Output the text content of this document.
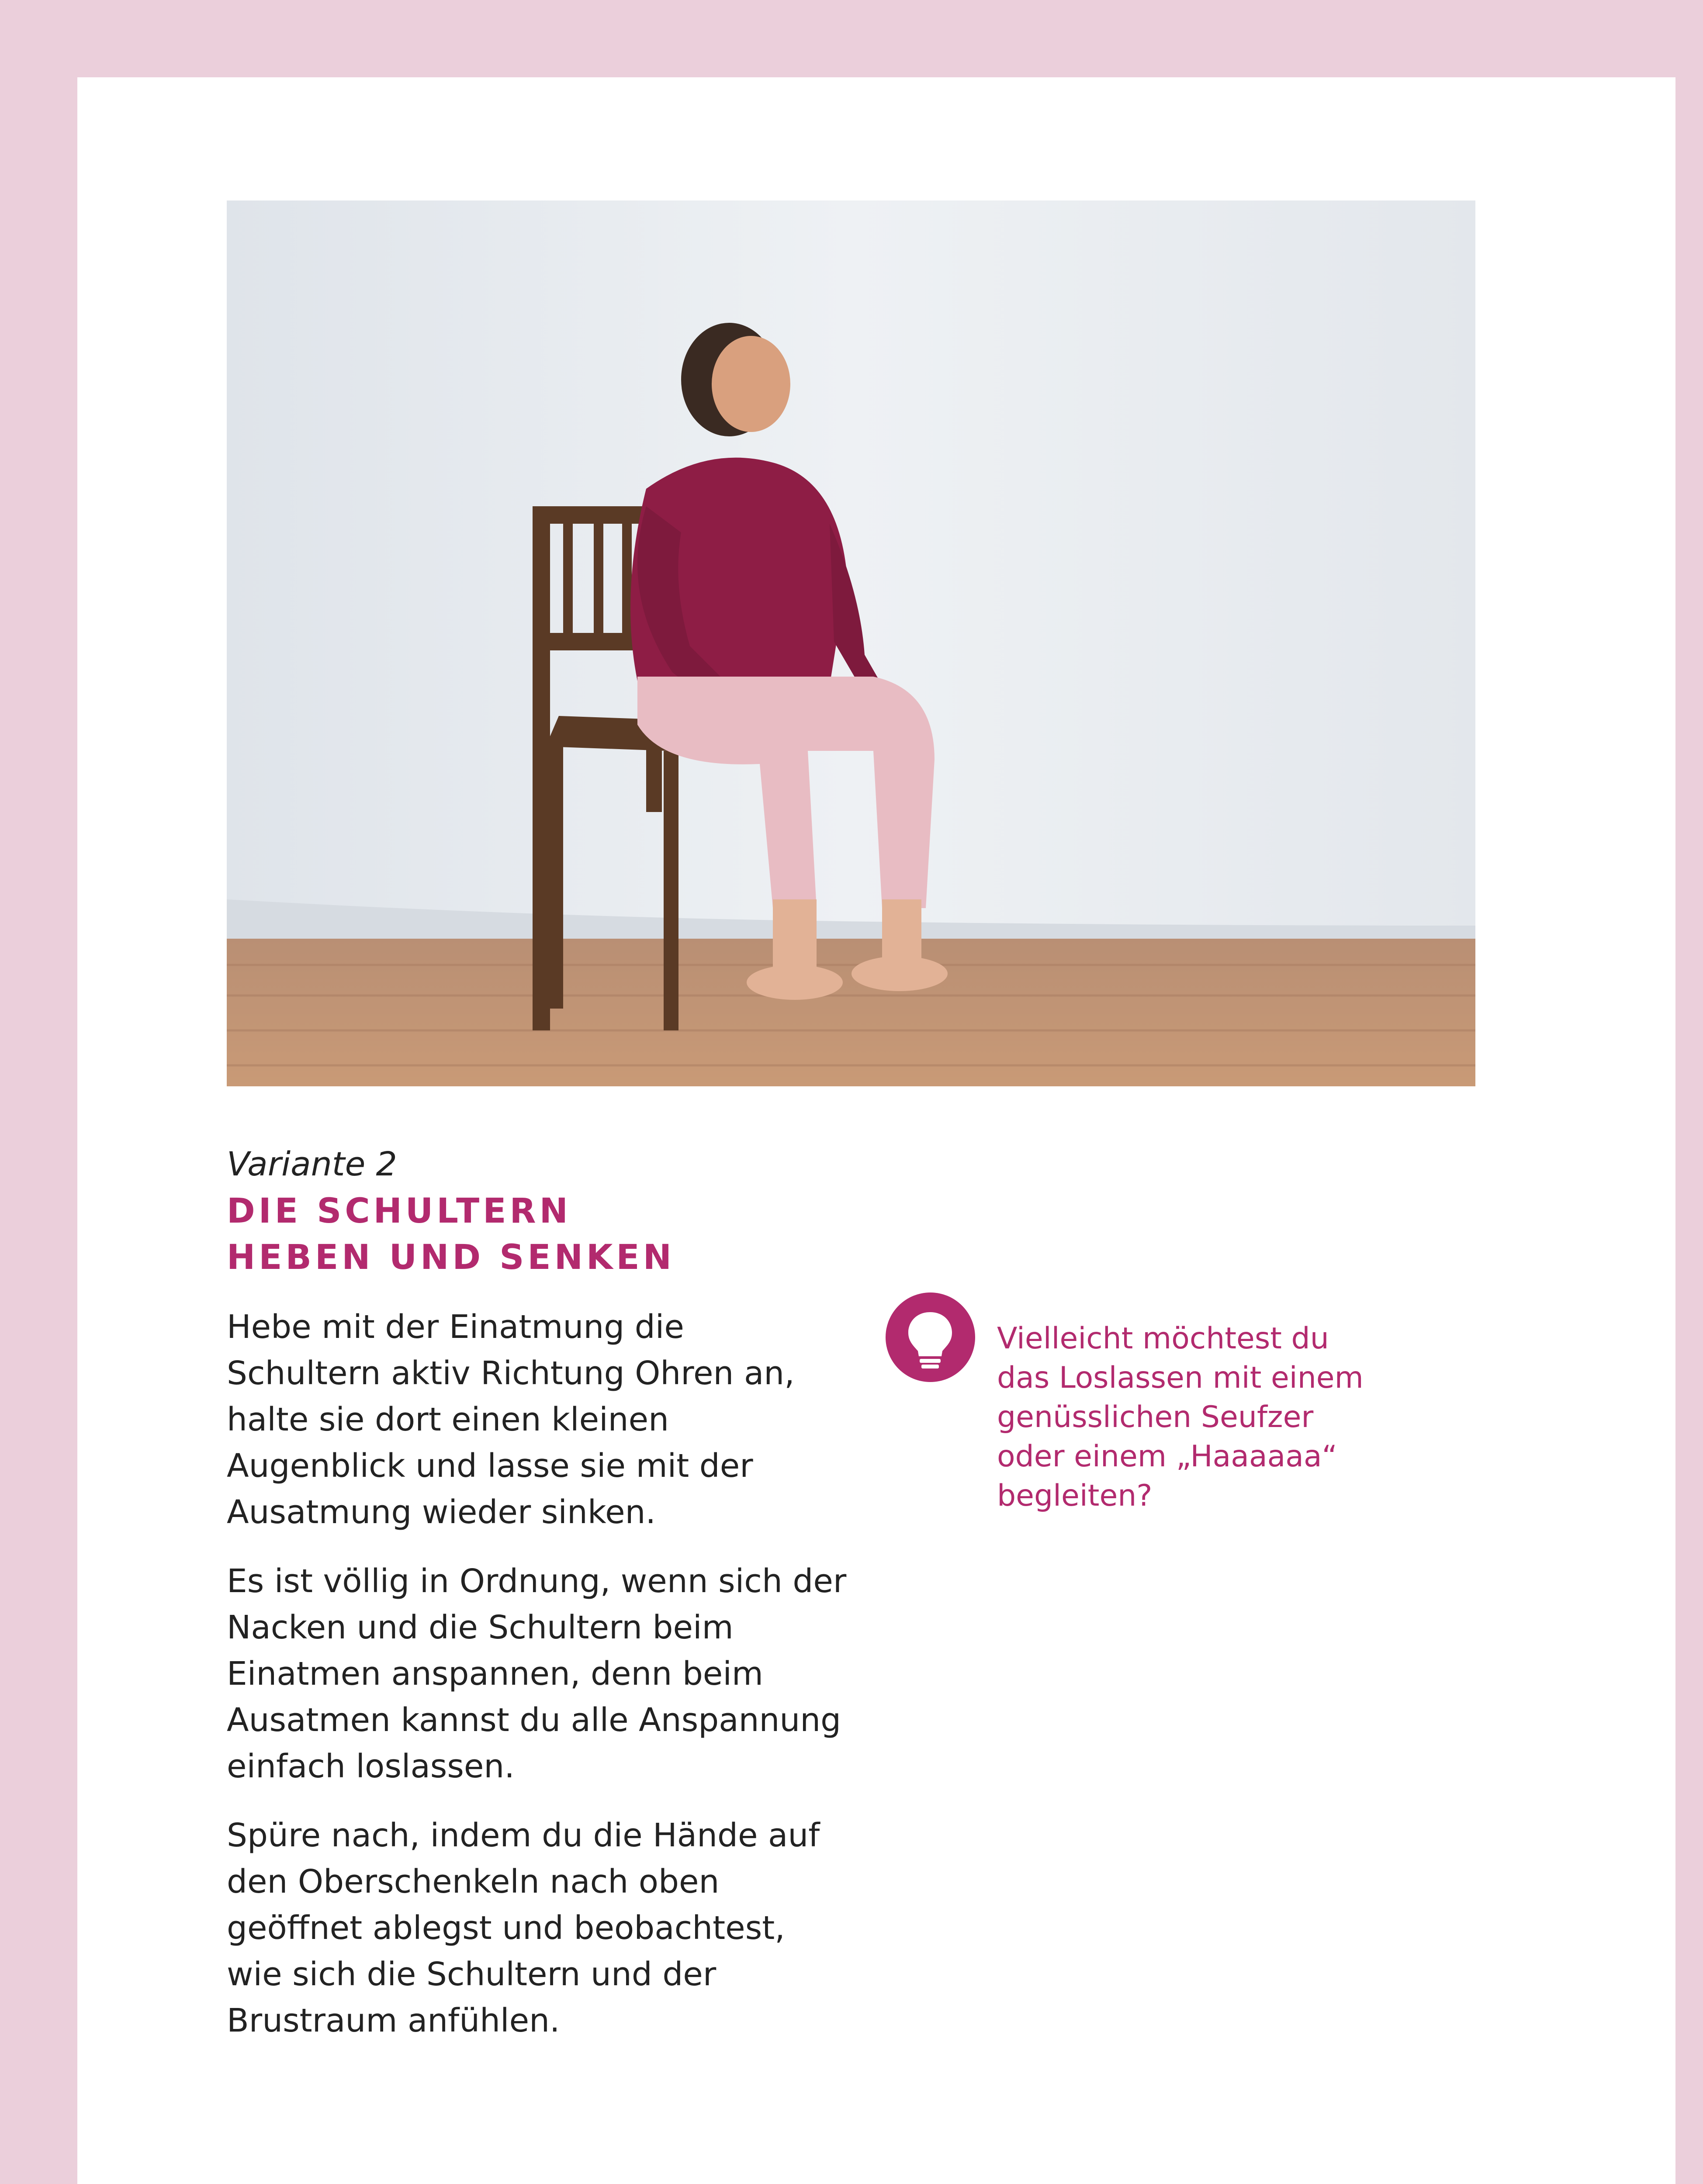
Variante 2
DIE SCHULTERN
HEBEN UND SENKEN

Hebe mit der Einatmung die Schultern aktiv Richtung Ohren an, halte sie dort einen kleinen Augenblick und lasse sie mit der Ausatmung wieder sinken.

Es ist völlig in Ordnung, wenn sich der Nacken und die Schultern beim Einatmen anspannen, denn beim Ausatmen kannst du alle Anspannung einfach loslassen.

Spüre nach, indem du die Hände auf den Oberschenkeln nach oben geöffnet ablegst und beobachtest, wie sich die Schultern und der Brustraum anfühlen.

Vielleicht möchtest du
das Loslassen mit einem
genüsslichen Seufzer
oder einem „Haaaaaa“
begleiten?
